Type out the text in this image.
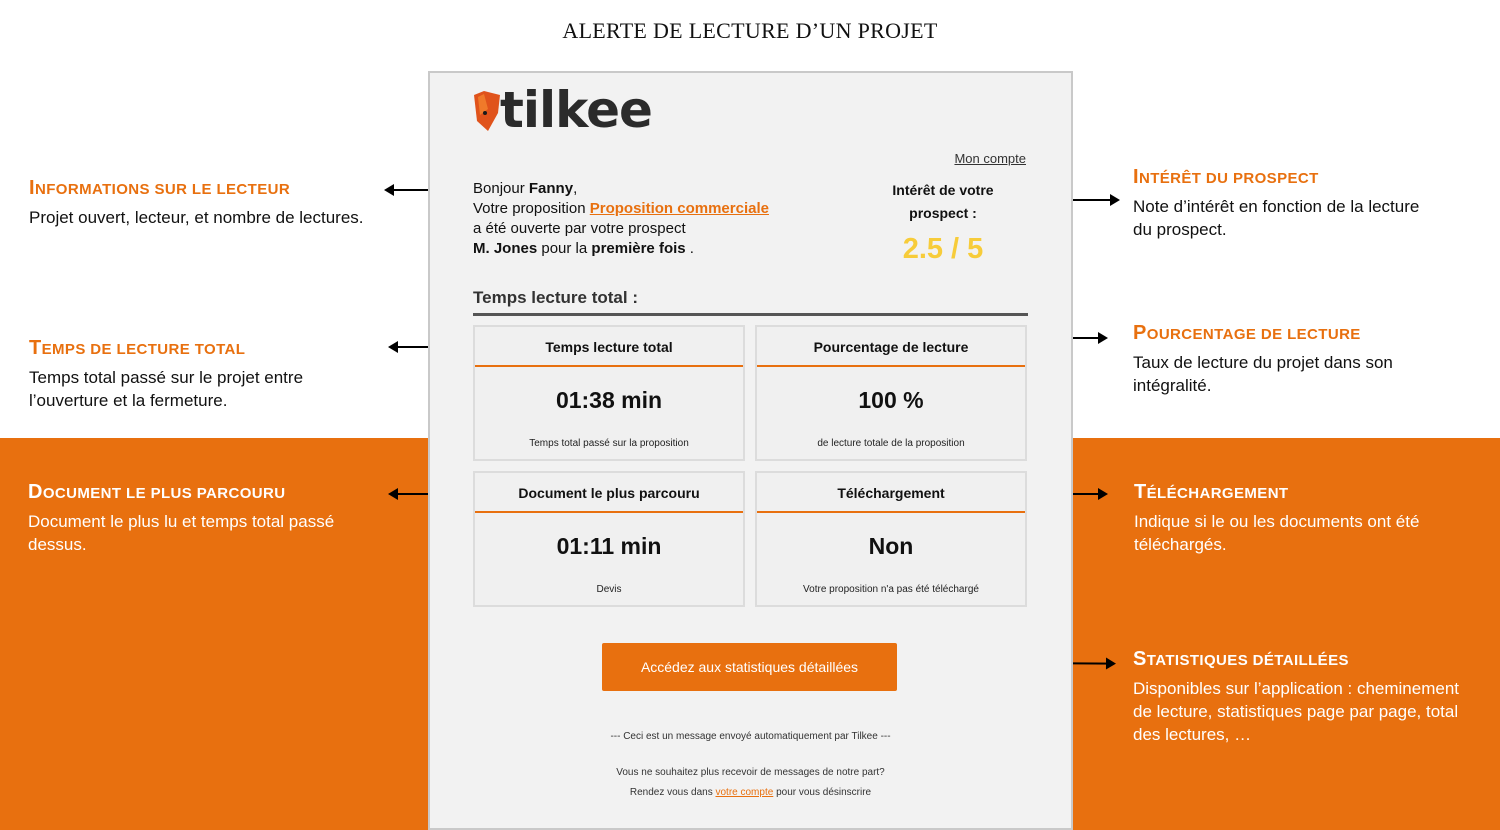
ALERTE DE LECTURE D’UN PROJET
INFORMATIONS SUR LE LECTEUR
Projet ouvert, lecteur, et nombre de lectures.
TEMPS DE LECTURE TOTAL
Temps total passé sur le projet entre l’ouverture et la fermeture.
DOCUMENT LE PLUS PARCOURU
Document le plus lu et temps total passé dessus.
INTÉRÊT DU PROSPECT
Note d’intérêt en fonction de la lecture du prospect.
POURCENTAGE DE LECTURE
Taux de lecture du projet dans son intégralité.
TÉLÉCHARGEMENT
Indique si le ou les documents ont été téléchargés.
STATISTIQUES DÉTAILLÉES
Disponibles sur l’application : cheminement de lecture, statistiques page par page, total des lectures, …
tilkee
Mon compte
Bonjour Fanny,
Votre proposition Proposition commerciale
a été ouverte par votre prospect
M. Jones pour la première fois .
Intérêt de votre prospect :
2.5 / 5
Temps lecture total :
Temps lecture total
01:38 min
Temps total passé sur la proposition
Pourcentage de lecture
100 %
de lecture totale de la proposition
Document le plus parcouru
01:11 min
Devis
Téléchargement
Non
Votre proposition n'a pas été téléchargé
Accédez aux statistiques détaillées
--- Ceci est un message envoyé automatiquement par Tilkee ---
Vous ne souhaitez plus recevoir de messages de notre part?
Rendez vous dans votre compte pour vous désinscrire
